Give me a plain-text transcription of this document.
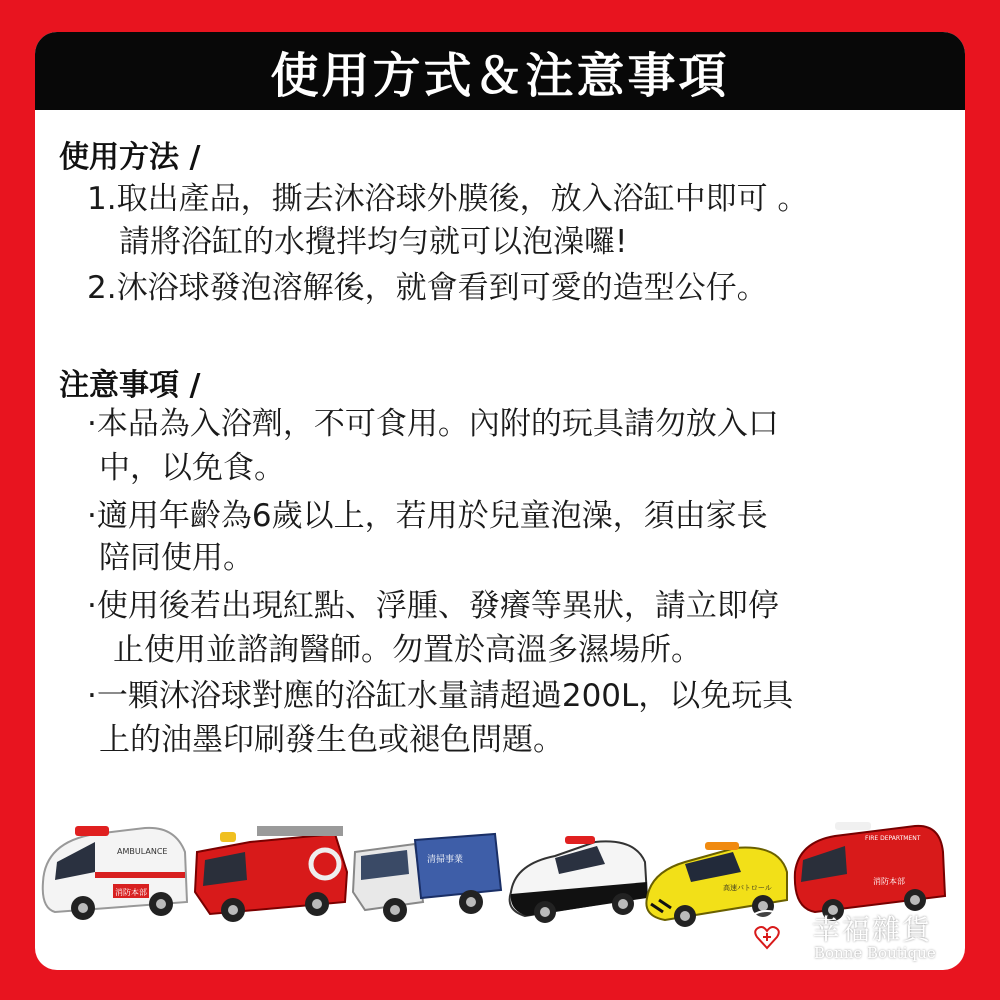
使用方式＆注意事項
使用方法 /
1.取出產品，撕去沐浴球外膜後，放入浴缸中即可 。
請將浴缸的水攪拌均勻就可以泡澡囉!
2.沐浴球發泡溶解後，就會看到可愛的造型公仔。
注意事項 /
·本品為入浴劑，不可食用。內附的玩具請勿放入口
中，以免食。
·適用年齡為6歲以上，若用於兒童泡澡，須由家長
陪同使用。
·使用後若出現紅點、浮腫、發癢等異狀，請立即停
止使用並諮詢醫師。勿置於高溫多濕場所。
·一顆沐浴球對應的浴缸水量請超過200L，以免玩具
上的油墨印刷發生色或褪色問題。
AMBULANCE
消防本部
清掃事業
高速パトロール
FIRE DEPARTMENT
消防本部
幸福雜貨
Bonne Boutique
